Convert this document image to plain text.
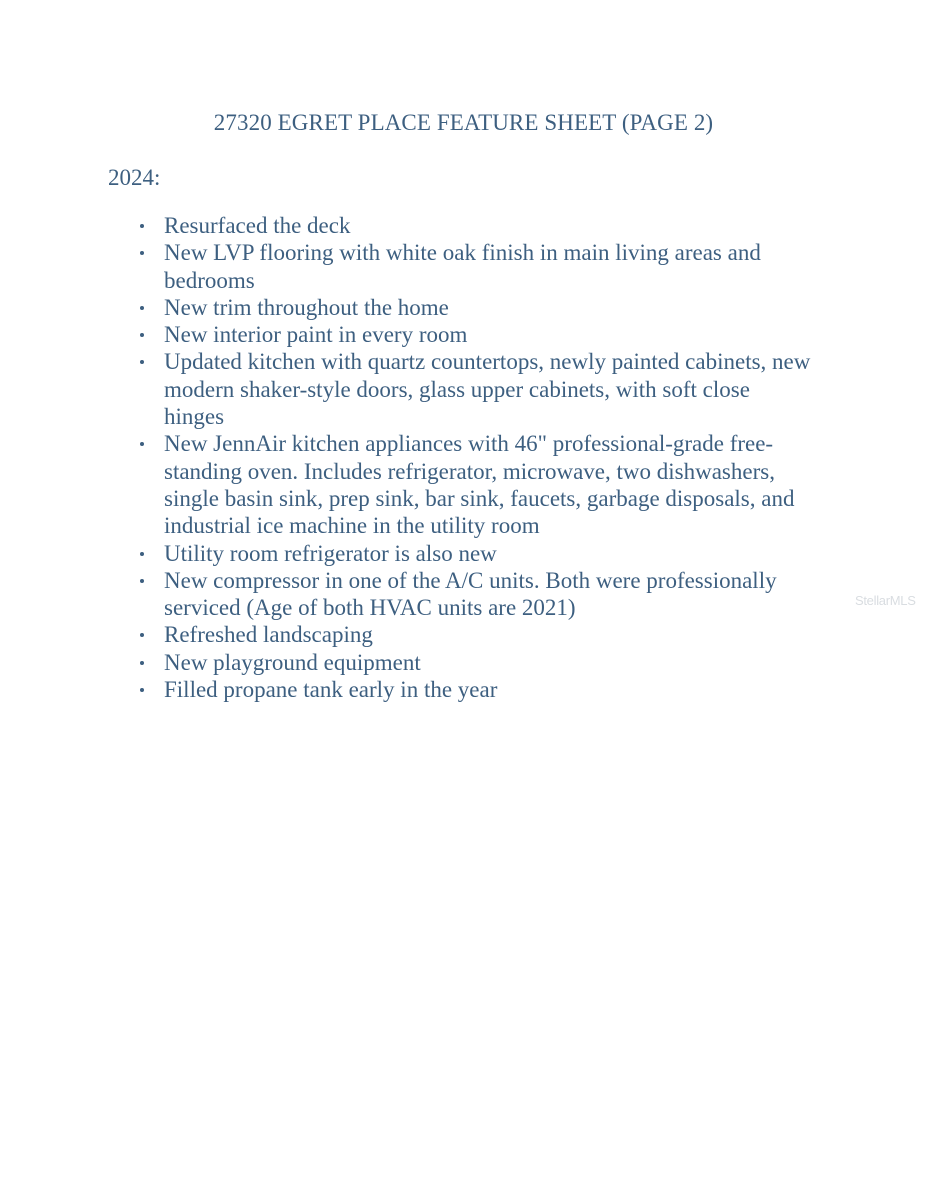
27320 EGRET PLACE FEATURE SHEET (PAGE 2)
2024:
Resurfaced the deck
New LVP flooring with white oak finish in main living areas and bedrooms
New trim throughout the home
New interior paint in every room
Updated kitchen with quartz countertops, newly painted cabinets, new modern shaker-style doors, glass upper cabinets, with soft close hinges
New JennAir kitchen appliances with 46" professional-grade free-standing oven. Includes refrigerator, microwave, two dishwashers, single basin sink, prep sink, bar sink, faucets, garbage disposals, and industrial ice machine in the utility room
Utility room refrigerator is also new
New compressor in one of the A/C units. Both were professionally serviced (Age of both HVAC units are 2021)
Refreshed landscaping
New playground equipment
Filled propane tank early in the year
StellarMLS
